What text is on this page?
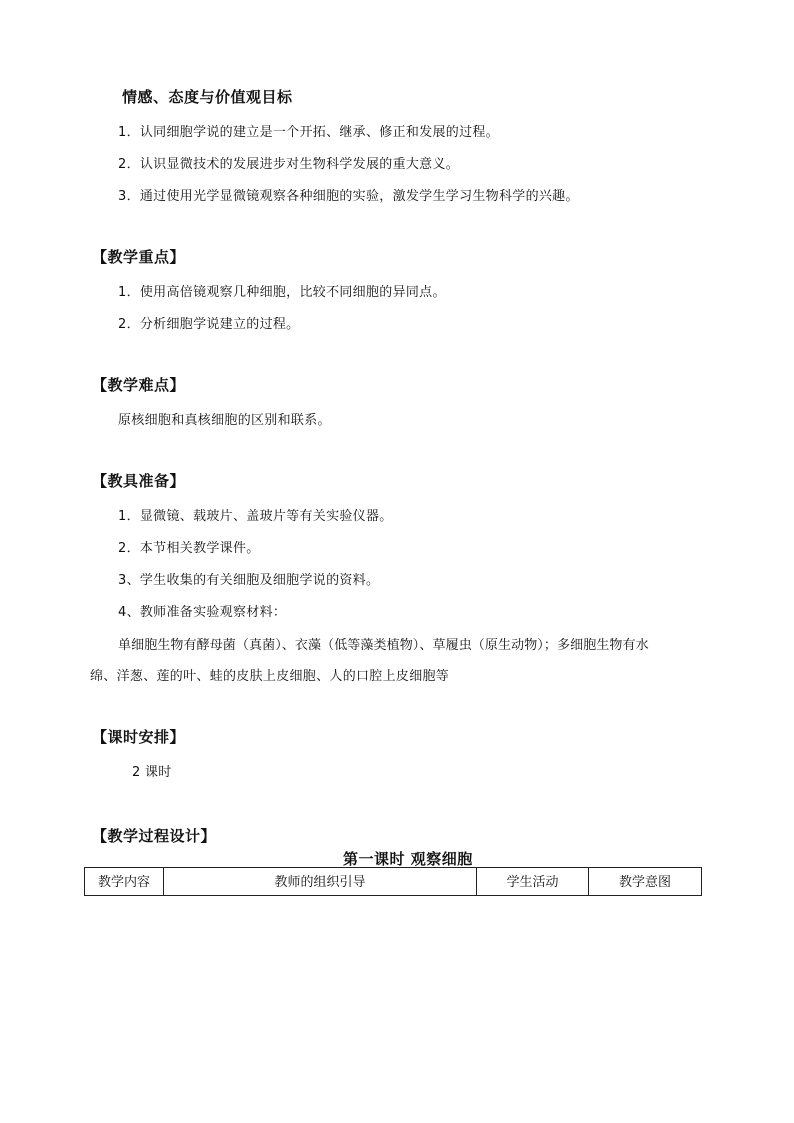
情感、态度与价值观目标
1．认同细胞学说的建立是一个开拓、继承、修正和发展的过程。
2．认识显微技术的发展进步对生物科学发展的重大意义。
3．通过使用光学显微镜观察各种细胞的实验，激发学生学习生物科学的兴趣。
【教学重点】
1．使用高倍镜观察几种细胞，比较不同细胞的异同点。
2．分析细胞学说建立的过程。
【教学难点】
原核细胞和真核细胞的区别和联系。
【教具准备】
1．显微镜、载玻片、盖玻片等有关实验仪器。
2．本节相关教学课件。
3、学生收集的有关细胞及细胞学说的资料。
4、教师准备实验观察材料：
单细胞生物有酵母菌（真菌）、衣藻（低等藻类植物）、草履虫（原生动物）；多细胞生物有水
绵、洋葱、莲的叶、蛙的皮肤上皮细胞、人的口腔上皮细胞等
【课时安排】
2 课时
【教学过程设计】
第一课时 观察细胞
教学内容	教师的组织引导	学生活动	教学意图
